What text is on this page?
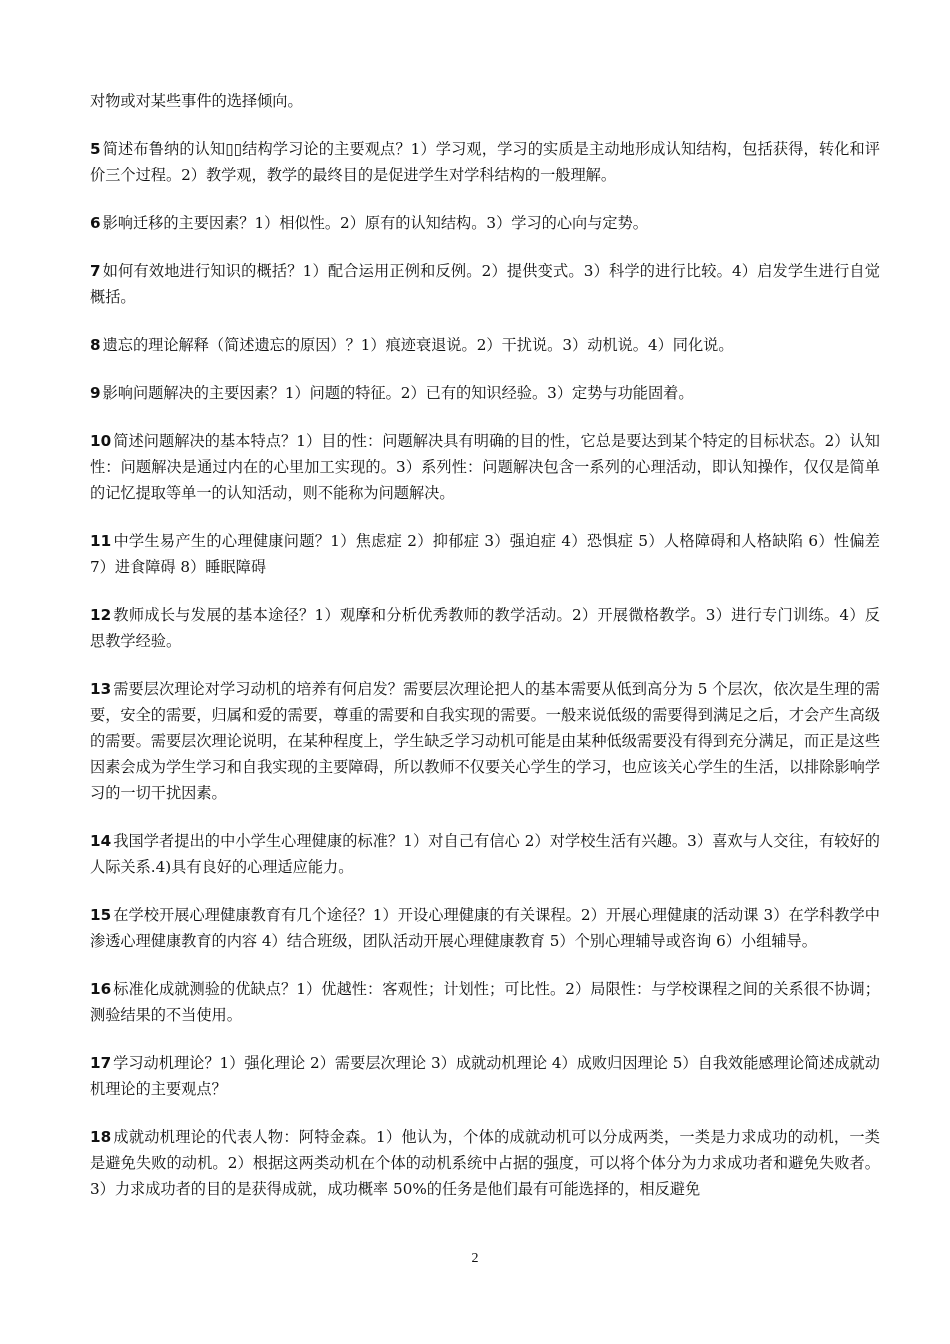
对物或对某些事件的选择倾向。

5 简述布鲁纳的认知▯▯结构学习论的主要观点？1）学习观，学习的实质是主动地形成认知结构，包括获得，转化和评价三个过程。2）教学观，教学的最终目的是促进学生对学科结构的一般理解。

6 影响迁移的主要因素？1）相似性。2）原有的认知结构。3）学习的心向与定势。

7 如何有效地进行知识的概括？1）配合运用正例和反例。2）提供变式。3）科学的进行比较。4）启发学生进行自觉概括。

8 遗忘的理论解释（简述遗忘的原因）？1）痕迹衰退说。2）干扰说。3）动机说。4）同化说。

9 影响问题解决的主要因素？1）问题的特征。2）已有的知识经验。3）定势与功能固着。

10 简述问题解决的基本特点？1）目的性：问题解决具有明确的目的性，它总是要达到某个特定的目标状态。2）认知性：问题解决是通过内在的心里加工实现的。3）系列性：问题解决包含一系列的心理活动，即认知操作，仅仅是简单的记忆提取等单一的认知活动，则不能称为问题解决。

11 中学生易产生的心理健康问题？1）焦虑症 2）抑郁症 3）强迫症 4）恐惧症 5）人格障碍和人格缺陷 6）性偏差 7）进食障碍 8）睡眠障碍

12 教师成长与发展的基本途径？1）观摩和分析优秀教师的教学活动。2）开展微格教学。3）进行专门训练。4）反思教学经验。

13 需要层次理论对学习动机的培养有何启发？需要层次理论把人的基本需要从低到高分为 5 个层次，依次是生理的需要，安全的需要，归属和爱的需要，尊重的需要和自我实现的需要。一般来说低级的需要得到满足之后，才会产生高级的需要。需要层次理论说明，在某种程度上，学生缺乏学习动机可能是由某种低级需要没有得到充分满足，而正是这些因素会成为学生学习和自我实现的主要障碍，所以教师不仅要关心学生的学习，也应该关心学生的生活，以排除影响学习的一切干扰因素。

14 我国学者提出的中小学生心理健康的标准？1）对自己有信心 2）对学校生活有兴趣。3）喜欢与人交往，有较好的人际关系.4)具有良好的心理适应能力。

15 在学校开展心理健康教育有几个途径？1）开设心理健康的有关课程。2）开展心理健康的活动课 3）在学科教学中渗透心理健康教育的内容 4）结合班级，团队活动开展心理健康教育 5）个别心理辅导或咨询 6）小组辅导。

16 标准化成就测验的优缺点？1）优越性：客观性；计划性；可比性。2）局限性：与学校课程之间的关系很不协调；测验结果的不当使用。

17 学习动机理论？1）强化理论 2）需要层次理论 3）成就动机理论 4）成败归因理论 5）自我效能感理论简述成就动机理论的主要观点？

18 成就动机理论的代表人物：阿特金森。1）他认为，个体的成就动机可以分成两类，一类是力求成功的动机，一类是避免失败的动机。2）根据这两类动机在个体的动机系统中占据的强度，可以将个体分为力求成功者和避免失败者。3）力求成功者的目的是获得成就，成功概率 50%的任务是他们最有可能选择的，相反避免

2
